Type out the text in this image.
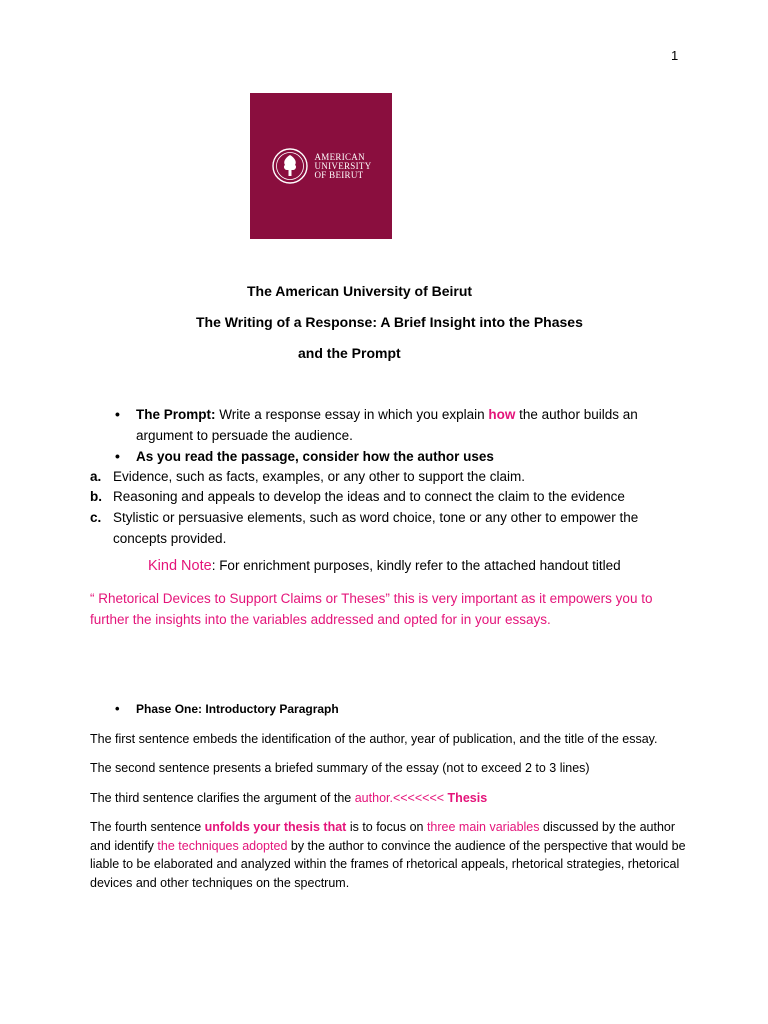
1
AMERICAN
UNIVERSITY
OF BEIRUT
The American University of Beirut
The Writing of a Response: A Brief Insight into the Phases
and the Prompt
• The Prompt: Write a response essay in which you explain how the author builds an argument to persuade the audience.
• As you read the passage, consider how the author uses
a. Evidence, such as facts, examples, or any other to support the claim.
b. Reasoning and appeals to develop the ideas and to connect the claim to the evidence
c. Stylistic or persuasive elements, such as word choice, tone or any other to empower the concepts provided.
Kind Note: For enrichment purposes, kindly refer to the attached handout titled
“ Rhetorical Devices to Support Claims or Theses” this is very important as it empowers you to further the insights into the variables addressed and opted for in your essays.
• Phase One: Introductory Paragraph
The first sentence embeds the identification of the author, year of publication, and the title of the essay.
The second sentence presents a briefed summary of the essay (not to exceed 2 to 3 lines)
The third sentence clarifies the argument of the author.<<<<<<< Thesis
The fourth sentence unfolds your thesis that is to focus on three main variables discussed by the author and identify the techniques adopted by the author to convince the audience of the perspective that would be liable to be elaborated and analyzed within the frames of rhetorical appeals, rhetorical strategies, rhetorical devices and other techniques on the spectrum.
